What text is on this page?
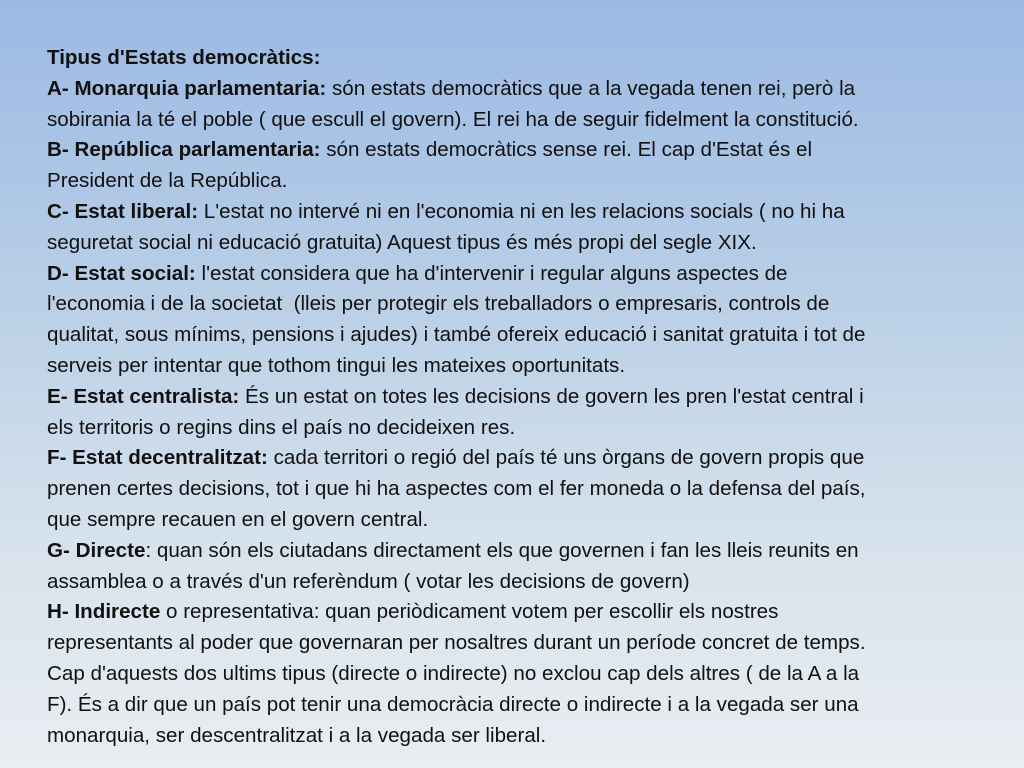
Tipus d'Estats democràtics:
A- Monarquia parlamentaria: són estats democràtics que a la vegada tenen rei, però la
sobirania la té el poble ( que escull el govern). El rei ha de seguir fidelment la constitució.
B- República parlamentaria: són estats democràtics sense rei. El cap d'Estat és el
President de la República.
C- Estat liberal: L'estat no intervé ni en l'economia ni en les relacions socials ( no hi ha
seguretat social ni educació gratuita) Aquest tipus és més propi del segle XIX.
D- Estat social: l'estat considera que ha d'intervenir i regular alguns aspectes de
l'economia i de la societat  (lleis per protegir els treballadors o empresaris, controls de
qualitat, sous mínims, pensions i ajudes) i també ofereix educació i sanitat gratuita i tot de
serveis per intentar que tothom tingui les mateixes oportunitats.
E- Estat centralista: És un estat on totes les decisions de govern les pren l'estat central i
els territoris o regins dins el país no decideixen res.
F- Estat decentralitzat: cada territori o regió del país té uns òrgans de govern propis que
prenen certes decisions, tot i que hi ha aspectes com el fer moneda o la defensa del país,
que sempre recauen en el govern central.
G- Directe: quan són els ciutadans directament els que governen i fan les lleis reunits en
assamblea o a través d'un referèndum ( votar les decisions de govern)
H- Indirecte o representativa: quan periòdicament votem per escollir els nostres
representants al poder que governaran per nosaltres durant un període concret de temps.
Cap d'aquests dos ultims tipus (directe o indirecte) no exclou cap dels altres ( de la A a la
F). És a dir que un país pot tenir una democràcia directe o indirecte i a la vegada ser una
monarquia, ser descentralitzat i a la vegada ser liberal.
